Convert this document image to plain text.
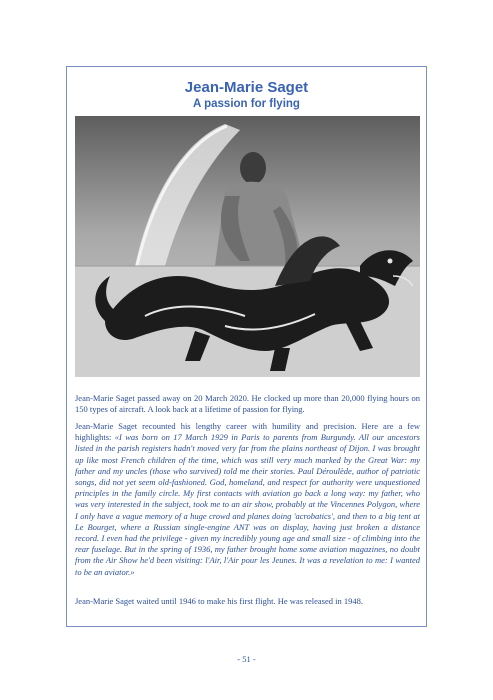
Jean-Marie Saget
A passion for flying

Jean-Marie Saget passed away on 20 March 2020. He clocked up more than 20,000 flying hours on 150 types of aircraft. A look back at a lifetime of passion for flying.

Jean-Marie Saget recounted his lengthy career with humility and precision. Here are a few highlights: «I was born on 17 March 1929 in Paris to parents from Burgundy. All our ancestors listed in the parish registers hadn't moved very far from the plains northeast of Dijon. I was brought up like most French children of the time, which was still very much marked by the Great War: my father and my uncles (those who survived) told me their stories. Paul Déroulède, author of patriotic songs, did not yet seem old-fashioned. God, homeland, and respect for authority were unquestioned principles in the family circle. My first contacts with aviation go back a long way: my father, who was very interested in the subject, took me to an air show, probably at the Vincennes Polygon, where I only have a vague memory of a huge crowd and planes doing 'acrobatics', and then to a big tent at Le Bourget, where a Russian single-engine ANT was on display, having just broken a distance record. I even had the privilege - given my incredibly young age and small size - of climbing into the rear fuselage. But in the spring of 1936, my father brought home some aviation magazines, no doubt from the Air Show he'd been visiting: l'Air, l'Air pour les Jeunes. It was a revelation to me: I wanted to be an aviator.»

Jean-Marie Saget waited until 1946 to make his first flight. He was released in 1948.

- 51 -
